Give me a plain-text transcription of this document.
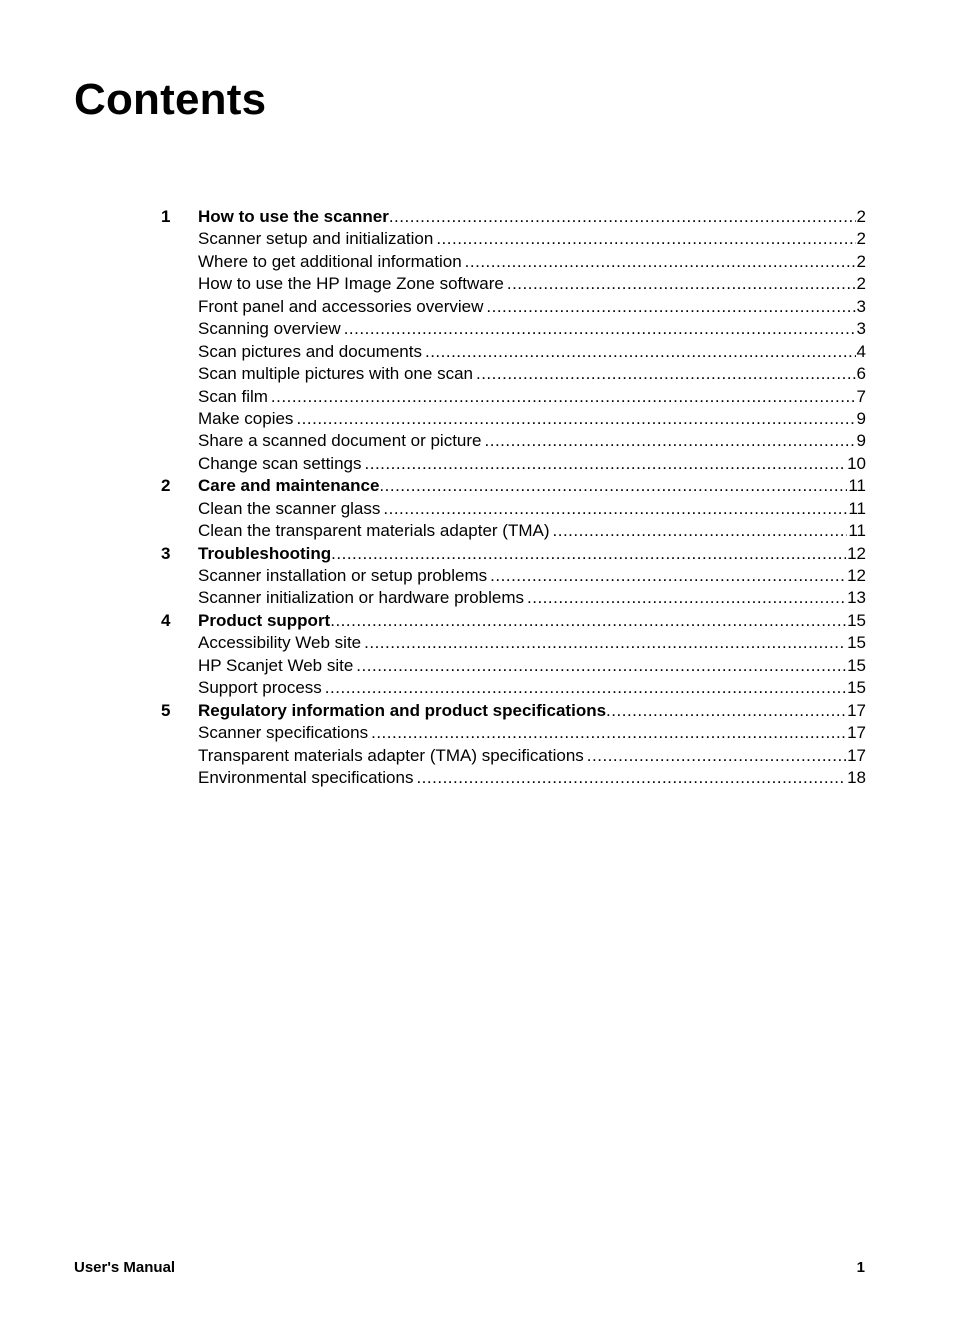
Contents
1	How to use the scanner .....	2
Scanner setup and initialization .....	2
Where to get additional information .....	2
How to use the HP Image Zone software .....	2
Front panel and accessories overview .....	3
Scanning overview .....	3
Scan pictures and documents .....	4
Scan multiple pictures with one scan .....	6
Scan film .....	7
Make copies .....	9
Share a scanned document or picture .....	9
Change scan settings .....	10
2	Care and maintenance .....	11
Clean the scanner glass .....	11
Clean the transparent materials adapter (TMA) .....	11
3	Troubleshooting .....	12
Scanner installation or setup problems .....	12
Scanner initialization or hardware problems .....	13
4	Product support .....	15
Accessibility Web site .....	15
HP Scanjet Web site .....	15
Support process .....	15
5	Regulatory information and product specifications .....	17
Scanner specifications .....	17
Transparent materials adapter (TMA) specifications .....	17
Environmental specifications .....	18
User's Manual	1
